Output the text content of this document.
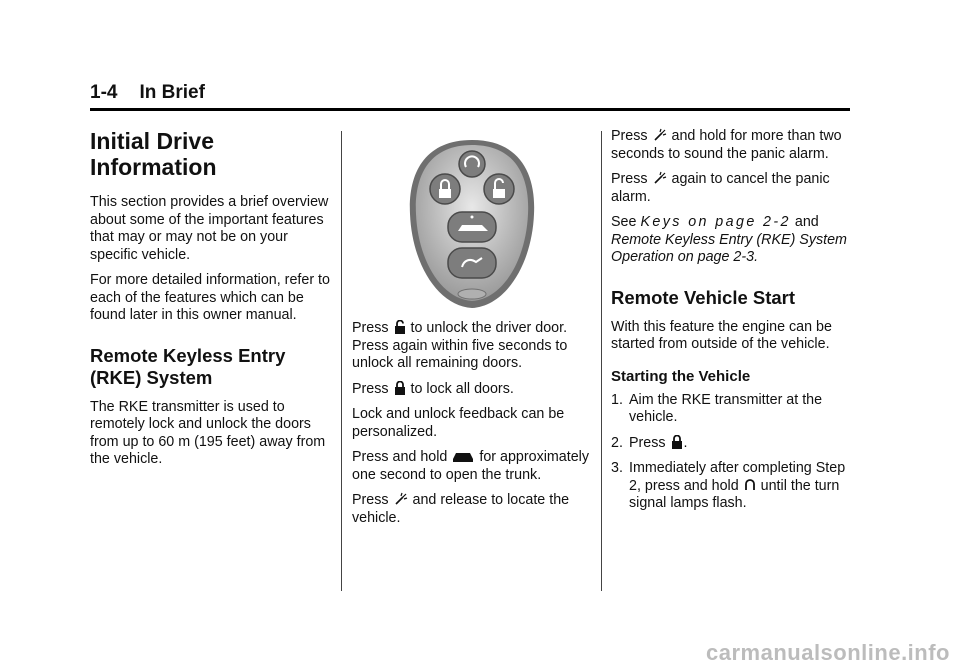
1-4 In Brief
Initial Drive
Information

This section provides a brief overview about some of the important features that may or may not be on your specific vehicle.

For more detailed information, refer to each of the features which can be found later in this owner manual.

Remote Keyless Entry
(RKE) System

The RKE transmitter is used to remotely lock and unlock the doors from up to 60 m (195 feet) away from the vehicle.

Press to unlock the driver door. Press again within five seconds to unlock all remaining doors.

Press to lock all doors.

Lock and unlock feedback can be personalized.

Press and hold for approximately one second to open the trunk.

Press and release to locate the vehicle.

Press and hold for more than two seconds to sound the panic alarm.

Press again to cancel the panic alarm.

See Keys on page 2-2 and Remote Keyless Entry (RKE) System Operation on page 2-3.

Remote Vehicle Start

With this feature the engine can be started from outside of the vehicle.

Starting the Vehicle
1. Aim the RKE transmitter at the vehicle.
2. Press .
3. Immediately after completing Step 2, press and hold until the turn signal lamps flash.
carmanualsonline.info
